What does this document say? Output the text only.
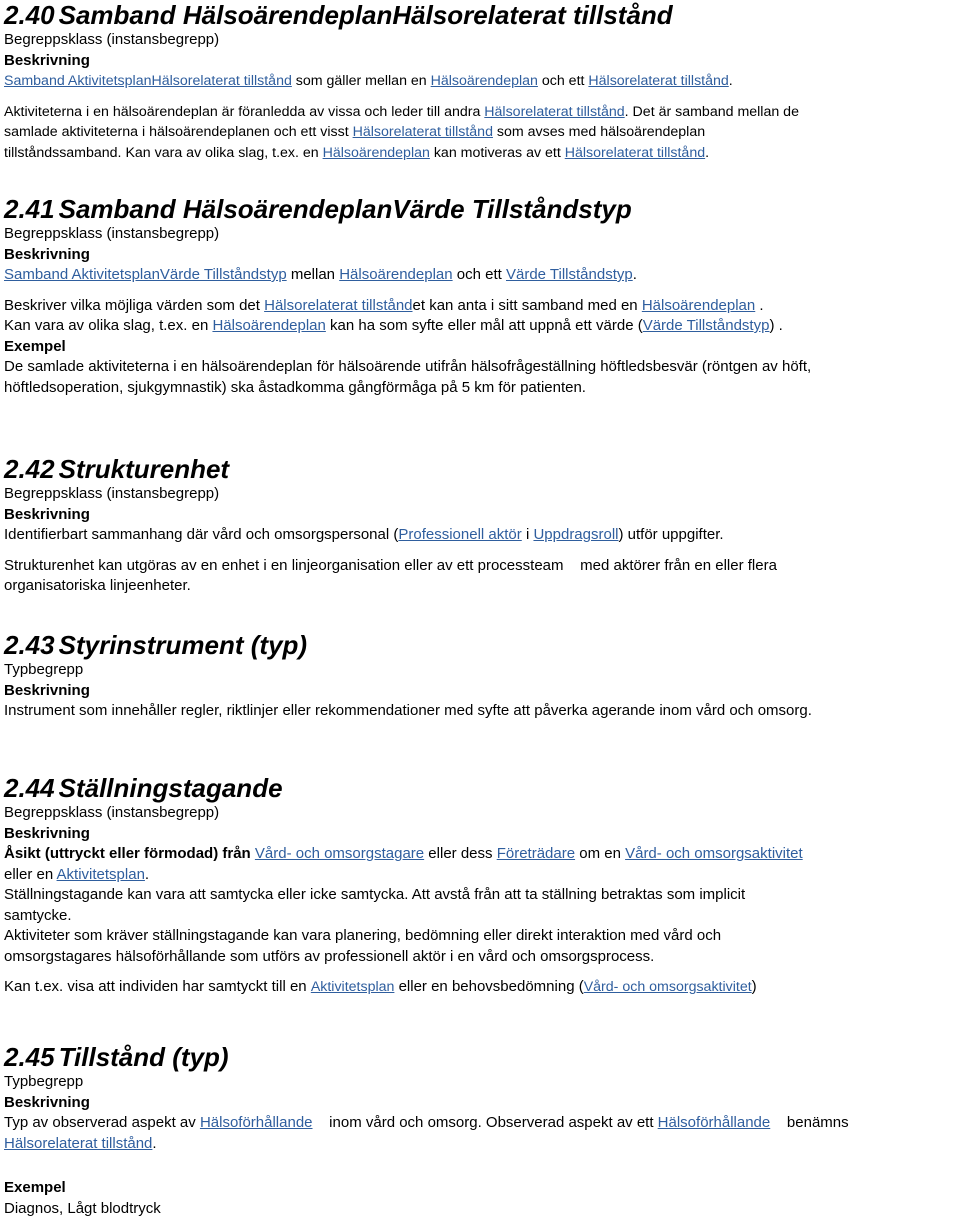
2.40 Samband HälsoärendeplanHälsorelaterat tillstånd
Begreppsklass (instansbegrepp)
Beskrivning
Samband AktivitetsplanHälsorelaterat tillstånd som gäller mellan en Hälsoärendeplan och ett Hälsorelaterat tillstånd.
Aktiviteterna i en hälsoärendeplan är föranledda av vissa och leder till andra Hälsorelaterat tillstånd. Det är samband mellan de
samlade aktiviteterna i hälsoärendeplanen och ett visst Hälsorelaterat tillstånd som avses med hälsoärendeplan
tillståndssamband. Kan vara av olika slag, t.ex. en Hälsoärendeplan kan motiveras av ett Hälsorelaterat tillstånd.
2.41 Samband HälsoärendeplanVärde Tillståndstyp
Begreppsklass (instansbegrepp)
Beskrivning
Samband AktivitetsplanVärde Tillståndstyp mellan Hälsoärendeplan och ett Värde Tillståndstyp.
Beskriver vilka möjliga värden som det Hälsorelaterat tillståndet kan anta i sitt samband med en Hälsoärendeplan .
Kan vara av olika slag, t.ex. en Hälsoärendeplan kan ha som syfte eller mål att uppnå ett värde (Värde Tillståndstyp) .
Exempel
De samlade aktiviteterna i en hälsoärendeplan för hälsoärende utifrån hälsofrågeställning höftledsbesvär (röntgen av höft,
höftledsoperation, sjukgymnastik) ska åstadkomma gångförmåga på 5 km för patienten.
2.42 Strukturenhet
Begreppsklass (instansbegrepp)
Beskrivning
Identifierbart sammanhang där vård och omsorgspersonal (Professionell aktör i Uppdragsroll) utför uppgifter.
Strukturenhet kan utgöras av en enhet i en linjeorganisation eller av ett processteam    med aktörer från en eller flera
organisatoriska linjeenheter.
2.43 Styrinstrument (typ)
Typbegrepp
Beskrivning
Instrument som innehåller regler, riktlinjer eller rekommendationer med syfte att påverka agerande inom vård och omsorg.
2.44 Ställningstagande
Begreppsklass (instansbegrepp)
Beskrivning
Åsikt (uttryckt eller förmodad) från Vård- och omsorgstagare eller dess Företrädare om en Vård- och omsorgsaktivitet
eller en Aktivitetsplan.
Ställningstagande kan vara att samtycka eller icke samtycka. Att avstå från att ta ställning betraktas som implicit
samtycke.
Aktiviteter som kräver ställningstagande kan vara planering, bedömning eller direkt interaktion med vård och
omsorgstagares hälsoförhållande som utförs av professionell aktör i en vård och omsorgsprocess.
Kan t.ex. visa att individen har samtyckt till en Aktivitetsplan eller en behovsbedömning (Vård- och omsorgsaktivitet)
2.45 Tillstånd (typ)
Typbegrepp
Beskrivning
Typ av observerad aspekt av Hälsoförhållande    inom vård och omsorg. Observerad aspekt av ett Hälsoförhållande    benämns
Hälsorelaterat tillstånd.
Exempel
Diagnos, Lågt blodtryck
